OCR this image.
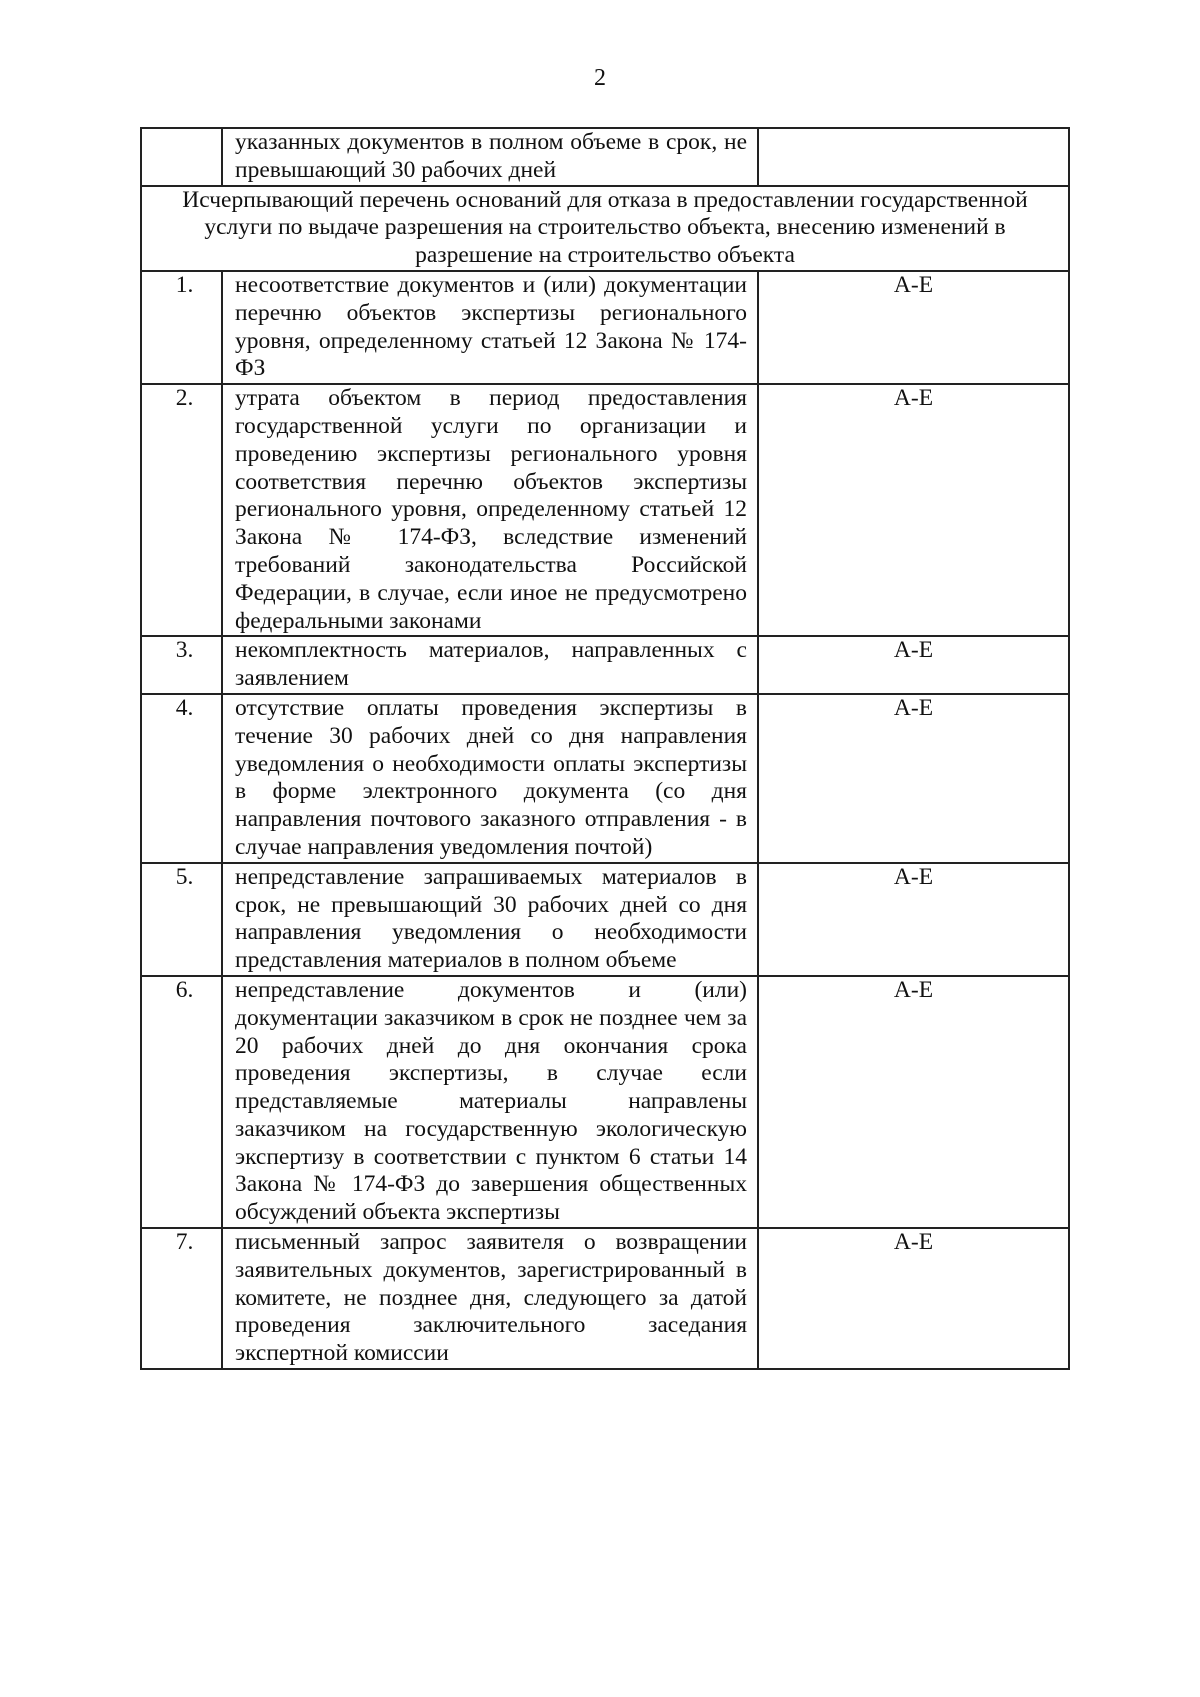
2
	указанных документов в полном объеме в срок, не превышающий 30 рабочих дней	
Исчерпывающий перечень оснований для отказа в предоставлении государственной услуги по выдаче разрешения на строительство объекта, внесению изменений в разрешение на строительство объекта		
1.	несоответствие документов и (или) документации перечню объектов экспертизы регионального уровня, определенному статьей 12 Закона № 174-ФЗ	А-Е
2.	утрата объектом в период предоставления государственной услуги по организации и проведению экспертизы регионального уровня соответствия перечню объектов экспертизы регионального уровня, определенному статьей 12 Закона № 174-ФЗ, вследствие изменений требований законодательства Российской Федерации, в случае, если иное не предусмотрено федеральными законами	А-Е
3.	некомплектность материалов, направленных с заявлением	А-Е
4.	отсутствие оплаты проведения экспертизы в течение 30 рабочих дней со дня направления уведомления о необходимости оплаты экспертизы в форме электронного документа (со дня направления почтового заказного отправления - в случае направления уведомления почтой)	А-Е
5.	непредставление запрашиваемых материалов в срок, не превышающий 30 рабочих дней со дня направления уведомления о необходимости представления материалов в полном объеме	А-Е
6.	непредставление документов и (или) документации заказчиком в срок не позднее чем за 20 рабочих дней до дня окончания срока проведения экспертизы, в случае если представляемые материалы направлены заказчиком на государственную экологическую экспертизу в соответствии с пунктом 6 статьи 14 Закона № 174-ФЗ до завершения общественных обсуждений объекта экспертизы	А-Е
7.	письменный запрос заявителя о возвращении заявительных документов, зарегистрированный в комитете, не позднее дня, следующего за датой проведения заключительного заседания экспертной комиссии	А-Е
